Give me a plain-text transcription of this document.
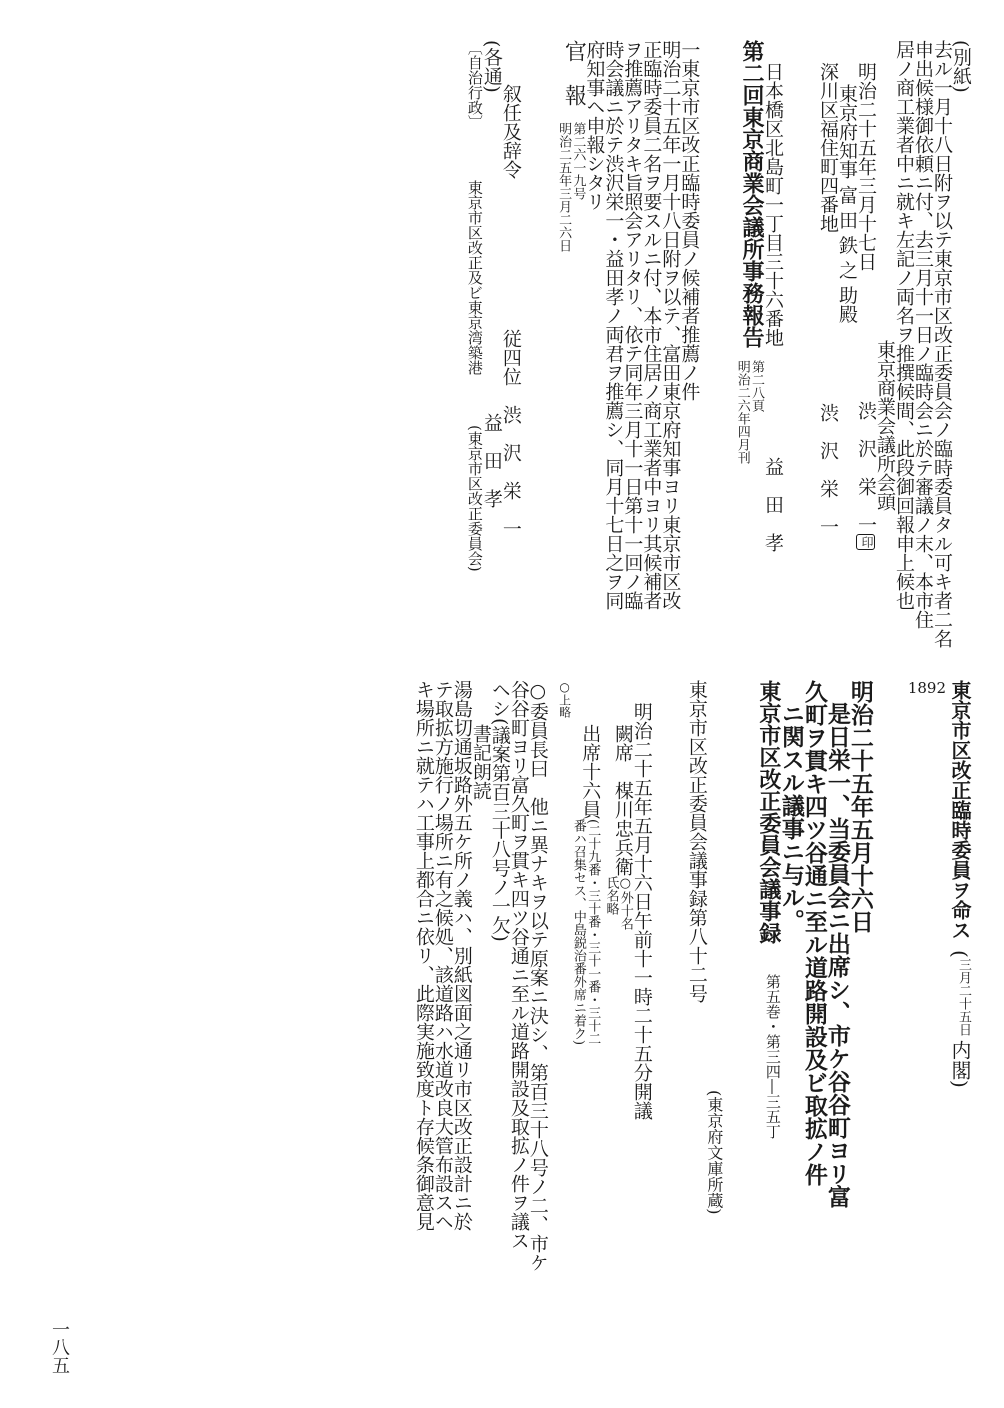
(別紙)
去ル一月十八日附ヲ以テ東京市区改正委員会ノ臨時委員タル可キ者二名
申出候様御依頼ニ付、去三月十一日ノ臨時会ニ於テ審議ノ末、本市住
居ノ商工業者中ニ就キ左記ノ両名ヲ推撰候間、此段御回報申上候也
東京商業会議所会頭
明治二十五年三月十七日
渋　沢　栄　一
印
東京府知事 富 田 鉄 之 助殿
深川区福住町四番地
渋　沢　栄　一
日本橋区北島町一丁目三十六番地
益　田　孝
第二回東京商業会議所事務報告
第二八頁
明治二六年四月刊
一東京市区改正臨時委員ノ候補者推薦ノ件
明治二十五年一月十八日附ヲ以テ、富田東京府知事ヨリ東京市区改
正臨時委員二名ヲ要スルニ付、本市住居ノ商工業者中ヨリ其候補者
ヲ推薦アリタキ旨照会アリタリ、依テ同年三月十一日第十一回ノ臨
時会議ニ於テ渋沢栄一・益田孝ノ両君ヲ推薦シ、同月十七日之ヲ同
府知事ヘ申報シタリ
官　報
第二六一九号
明治二五年三月二六日
叙任及辞令
従四位　渋　沢　栄　一
(各通)
益　田　孝
〔自治行政〕
東京市区改正及ビ東京湾築港
(東京市区改正委員会)
東京市区改正臨時委員ヲ命ス
(
三月二十五日
内閣
)
1892
明治二十五年五月十六日
是日栄一、当委員会ニ出席シ、市ケ谷谷町ヨリ富
久町ヲ貫キ四ツ谷通ニ至ル道路開設及ビ取拡ノ件
ニ関スル議事ニ与ル。
東京市区改正委員会議事録
第五巻・第三四―三五丁
(東京府文庫所蔵)
東京市区改正委員会議事録第八十二号
明治二十五年五月十六日午前十一時二十五分開議
闕席　楳川忠兵衛
○外十名
氏名略
出席十六員
(二十九番・三十番・三十一番・三十二
番ハ召集セス、中島鋭治番外席ニ着ク)
○上略
○委員長曰　他ニ異ナキヲ以テ原案ニ決シ、第百三十八号ノ二、市ケ
谷谷町ヨリ富久町ヲ貫キ四ツ谷通ニ至ル道路開設及取拡ノ件ヲ議ス
ヘシ(議案第百三十八号ノ一欠)
書記朗読
湯島切通坂路外五ケ所ノ義ハ、別紙図面之通リ市区改正設計ニ於
テ取拡方施行ノ場所ニ有之候処、該道路ハ水道改良大管布設スヘ
キ場所ニ就テハ工事上都合ニ依リ、此際実施致度ト存候条御意見
一八五
